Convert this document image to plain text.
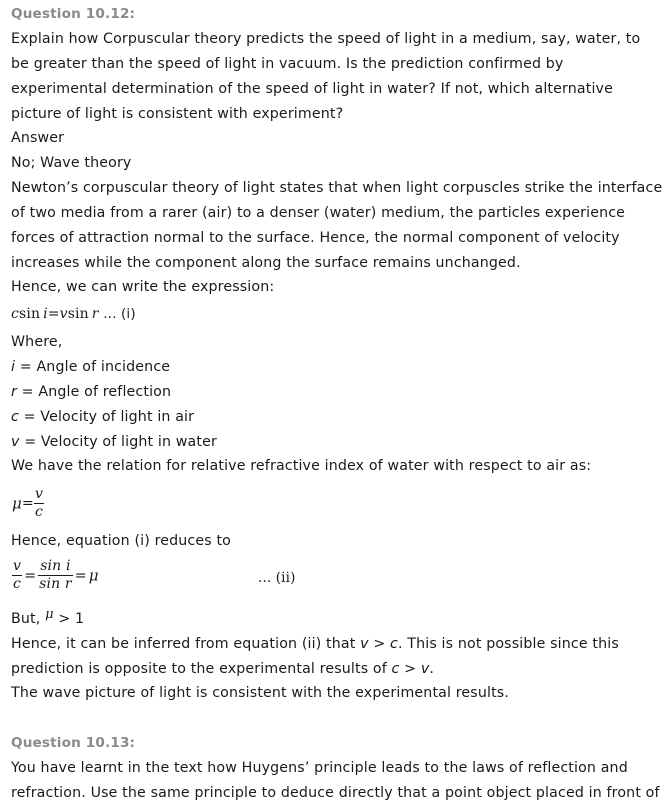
Question 10.12:
Explain how Corpuscular theory predicts the speed of light in a medium, say, water, to
be greater than the speed of light in vacuum. Is the prediction confirmed by
experimental determination of the speed of light in water? If not, which alternative
picture of light is consistent with experiment?
Answer
No; Wave theory
Newton’s corpuscular theory of light states that when light corpuscles strike the interface
of two media from a rarer (air) to a denser (water) medium, the particles experience
forces of attraction normal to the surface. Hence, the normal component of velocity
increases while the component along the surface remains unchanged.
Hence, we can write the expression:
csin  i=vsin  r ... (i)
Where,
i = Angle of incidence
r = Angle of reflection
c = Velocity of light in air
v = Velocity of light in water
We have the relation for relative refractive index of water with respect to air as:
$\mu= \frac{v}{c}$
Hence, equation (i) reduces to
$\frac{v}{c} = \frac{\text{sin i}}{\text{sin r}} = \mu$	... (ii)
But, μ > 1
Hence, it can be inferred from equation (ii) that v > c. This is not possible since this
prediction is opposite to the experimental results of c > v.
The wave picture of light is consistent with the experimental results.
Question 10.13:
You have learnt in the text how Huygens’ principle leads to the laws of reflection and
refraction. Use the same principle to deduce directly that a point object placed in front of
